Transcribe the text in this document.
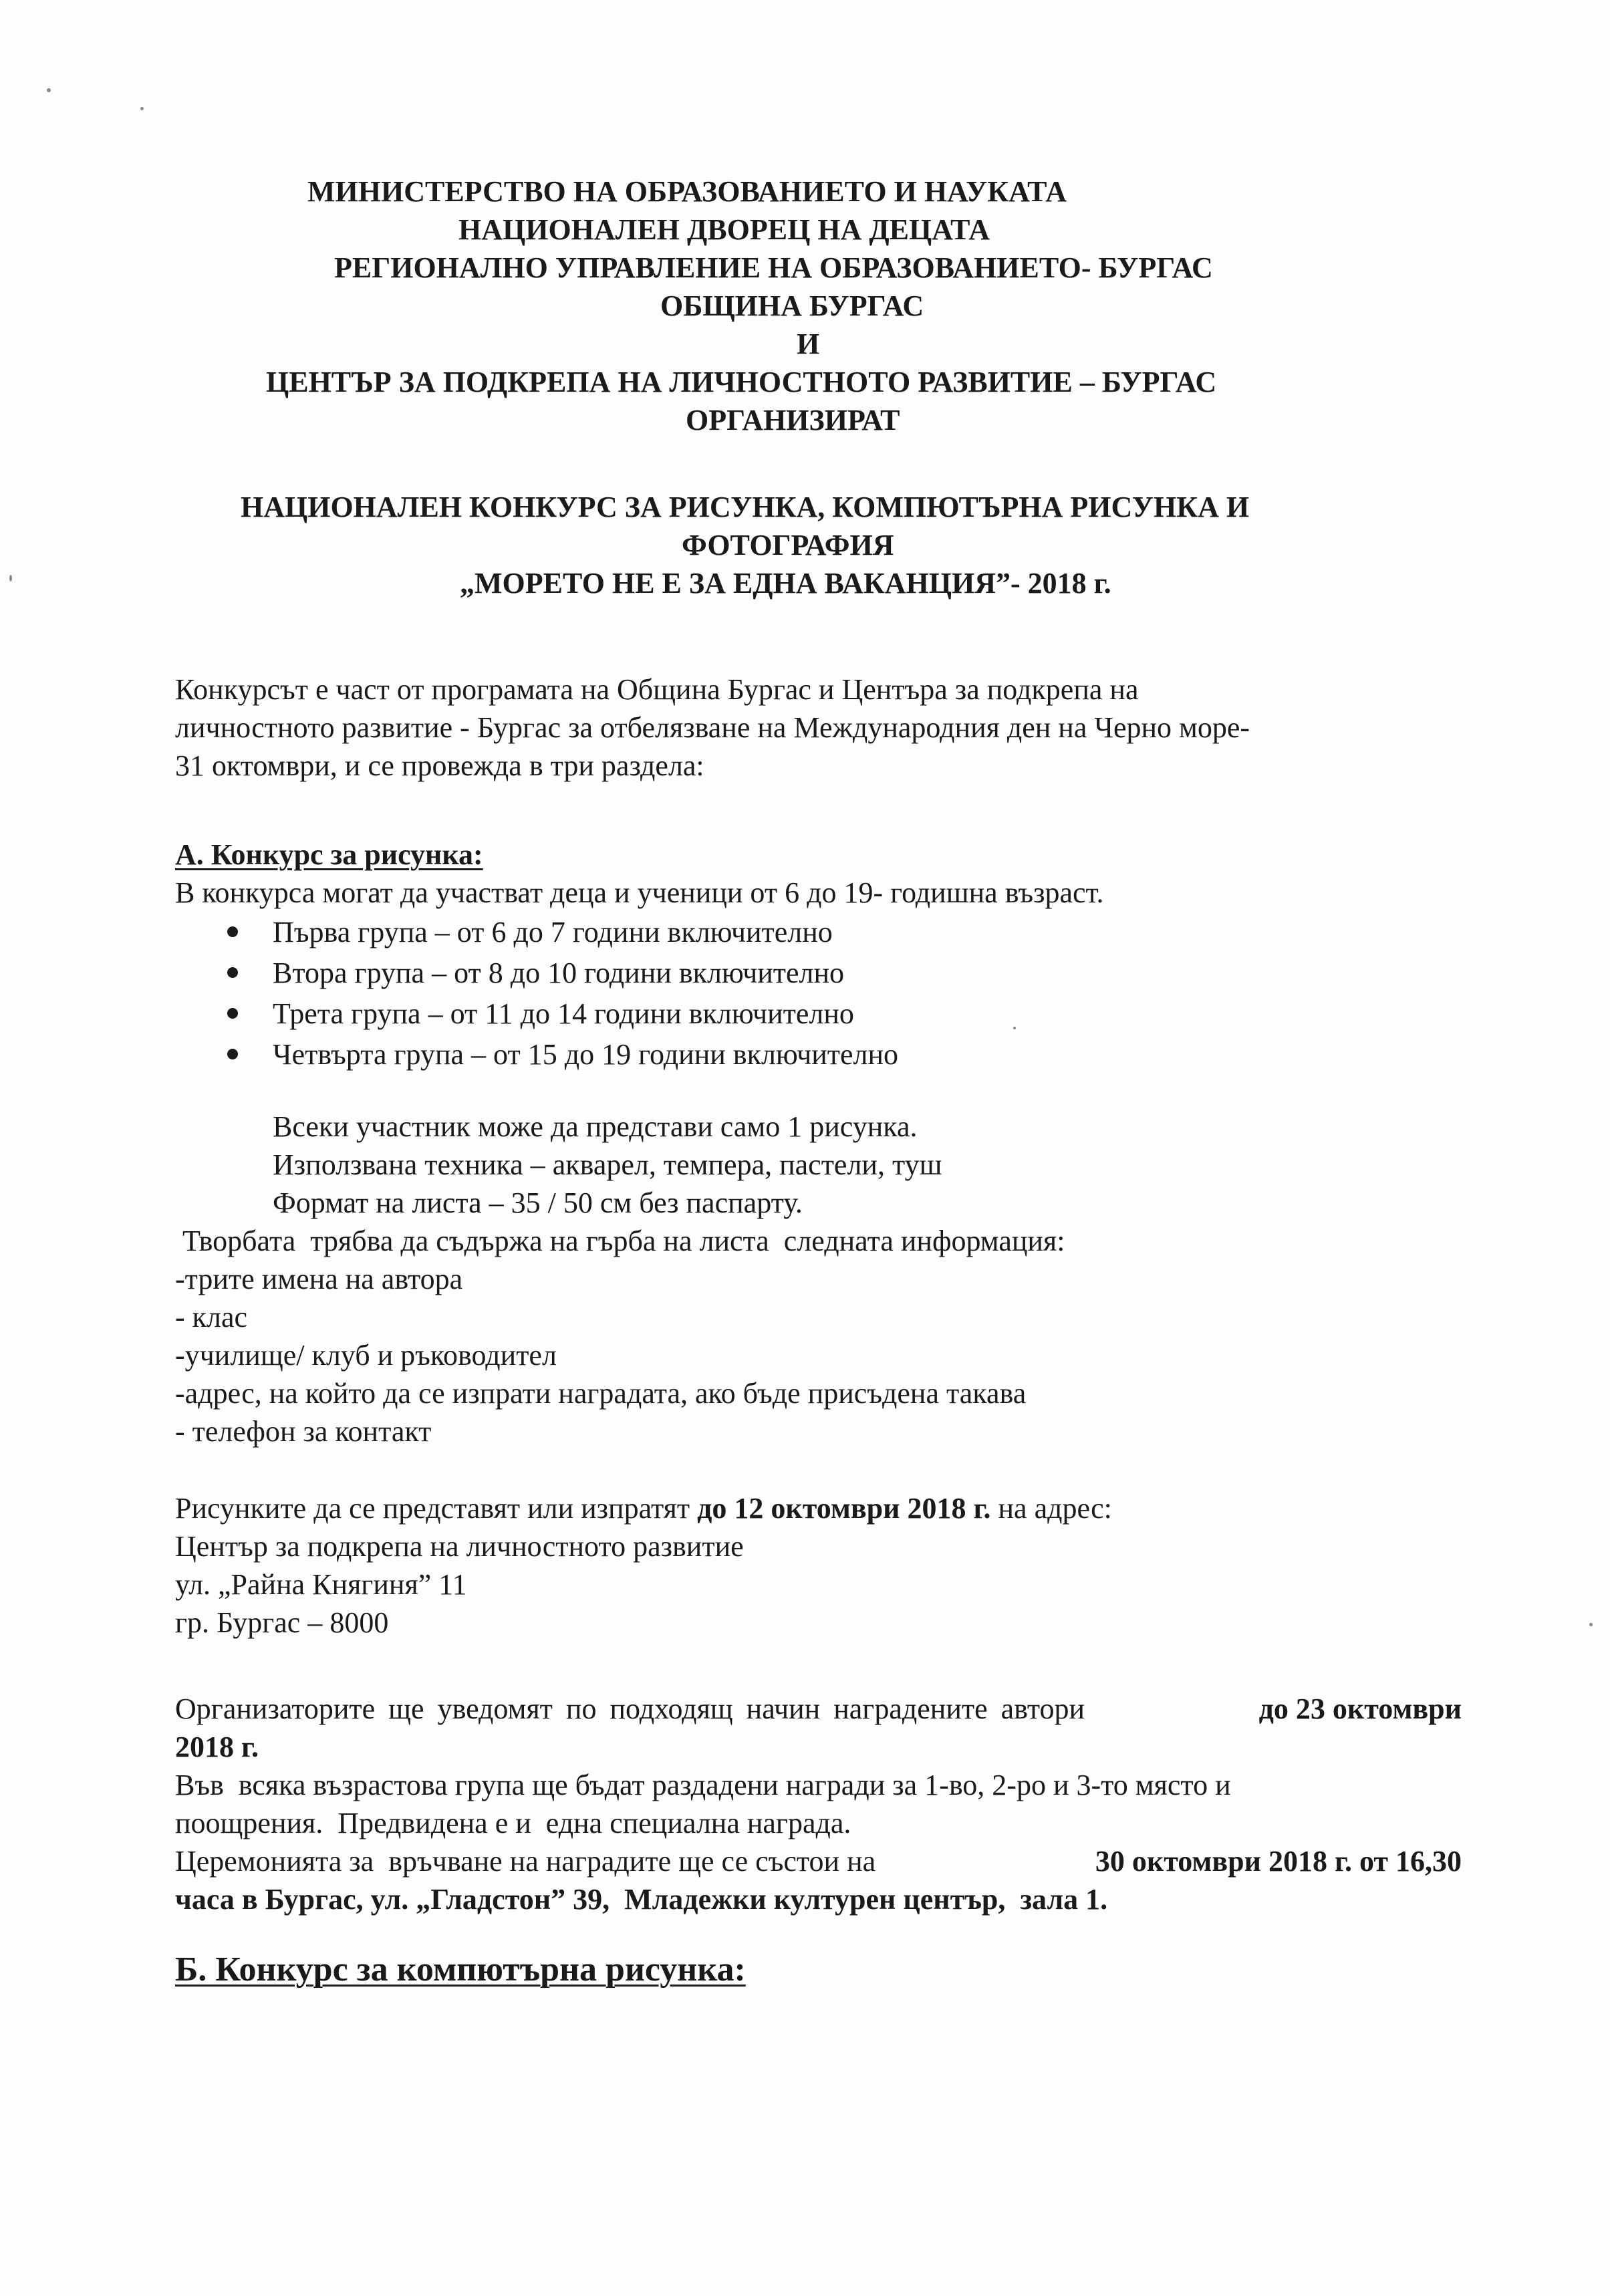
МИНИСТЕРСТВО НА ОБРАЗОВАНИЕТО И НАУКАТА
НАЦИОНАЛЕН ДВОРЕЦ НА ДЕЦАТА
РЕГИОНАЛНО УПРАВЛЕНИЕ НА ОБРАЗОВАНИЕТО- БУРГАС
ОБЩИНА БУРГАС
И
ЦЕНТЪР ЗА ПОДКРЕПА НА ЛИЧНОСТНОТО РАЗВИТИЕ – БУРГАС
ОРГАНИЗИРАТ
НАЦИОНАЛЕН КОНКУРС ЗА РИСУНКА, КОМПЮТЪРНА РИСУНКА И
ФОТОГРАФИЯ
„МОРЕТО НЕ Е ЗА ЕДНА ВАКАНЦИЯ”- 2018 г.
Конкурсът е част от програмата на Община Бургас и Центъра за подкрепа на
личностното развитие - Бургас за отбелязване на Международния ден на Черно море-
31 октомври, и се провежда в три раздела:
А. Конкурс за рисунка:
В конкурса могат да участват деца и ученици от 6 до 19- годишна възраст.
Първа група – от 6 до 7 години включително
Втора група – от 8 до 10 години включително
Трета група – от 11 до 14 години включително
Четвърта група – от 15 до 19 години включително
Всеки участник може да представи само 1 рисунка.
Използвана техника – акварел, темпера, пастели, туш
Формат на листа – 35 / 50 см без паспарту.
Творбата  трябва да съдържа на гърба на листа  следната информация:
-трите имена на автора
- клас
-училище/ клуб и ръководител
-адрес, на който да се изпрати наградата, ако бъде присъдена такава
- телефон за контакт
Рисунките да се представят или изпратят до 12 октомври 2018 г. на адрес:
Център за подкрепа на личностното развитие
ул. „Райна Княгиня” 11
гр. Бургас – 8000
Организаторите ще уведомят по подходящ начин наградените автори	до 23 октомври
2018 г.
Във  всяка възрастова група ще бъдат раздадени награди за 1-во, 2-ро и 3-то място и
поощрения.  Предвидена е и  една специална награда.
Церемонията за  връчване на наградите ще се състои на	30 октомври 2018 г. от 16,30
часа в Бургас, ул. „Гладстон” 39,  Младежки културен център,  зала 1.
Б. Конкурс за компютърна рисунка:
